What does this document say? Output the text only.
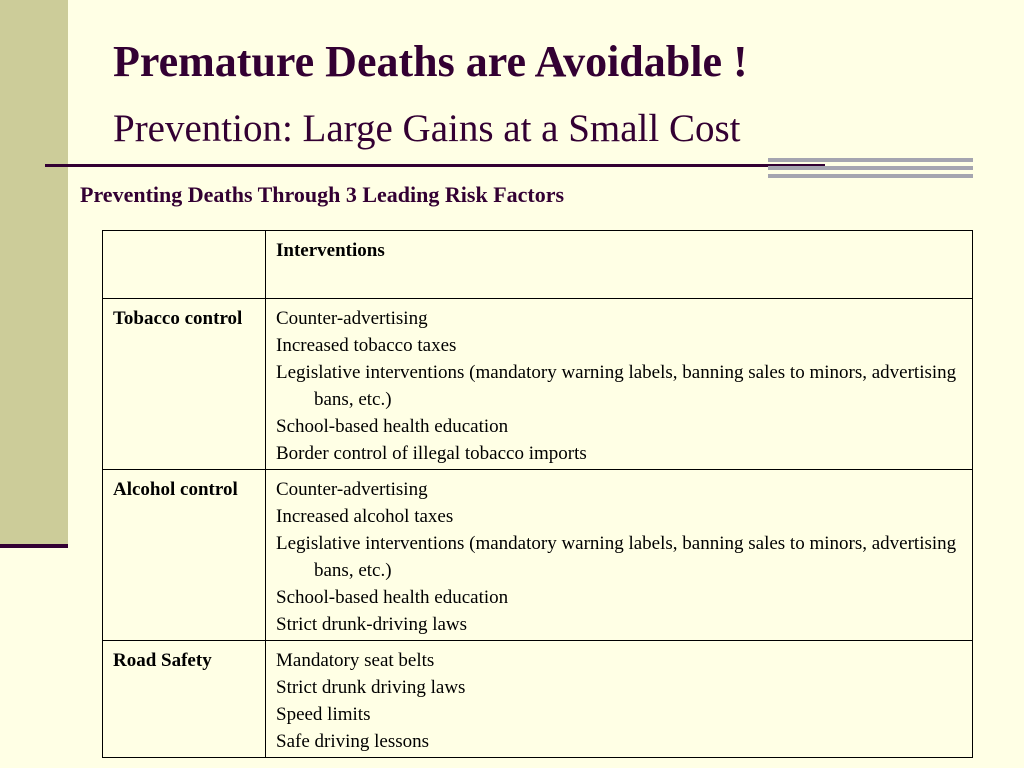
Premature Deaths are Avoidable !
Prevention: Large Gains at a Small Cost
Preventing Deaths Through 3 Leading Risk Factors
	Interventions

Tobacco control	Counter-advertising
Increased tobacco taxes
Legislative interventions (mandatory warning labels, banning sales to minors, advertising bans, etc.)
School-based health education
Border control of illegal tobacco imports

Alcohol control	Counter-advertising
Increased alcohol taxes
Legislative interventions (mandatory warning labels, banning sales to minors, advertising bans, etc.)
School-based health education
Strict drunk-driving laws

Road Safety	Mandatory seat belts
Strict drunk driving laws
Speed limits
Safe driving lessons
